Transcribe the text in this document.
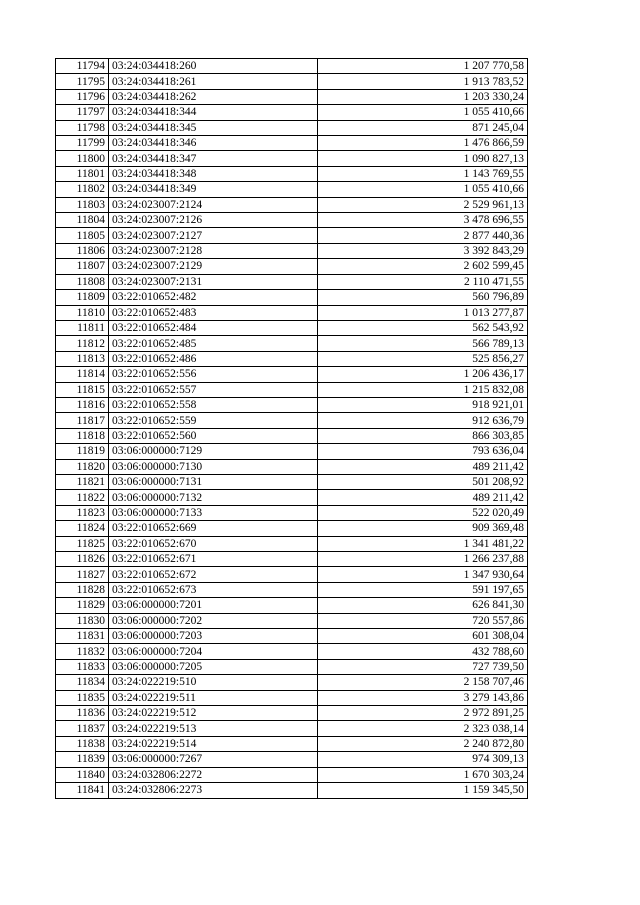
11794	03:24:034418:260	1 207 770,58
11795	03:24:034418:261	1 913 783,52
11796	03:24:034418:262	1 203 330,24
11797	03:24:034418:344	1 055 410,66
11798	03:24:034418:345	871 245,04
11799	03:24:034418:346	1 476 866,59
11800	03:24:034418:347	1 090 827,13
11801	03:24:034418:348	1 143 769,55
11802	03:24:034418:349	1 055 410,66
11803	03:24:023007:2124	2 529 961,13
11804	03:24:023007:2126	3 478 696,55
11805	03:24:023007:2127	2 877 440,36
11806	03:24:023007:2128	3 392 843,29
11807	03:24:023007:2129	2 602 599,45
11808	03:24:023007:2131	2 110 471,55
11809	03:22:010652:482	560 796,89
11810	03:22:010652:483	1 013 277,87
11811	03:22:010652:484	562 543,92
11812	03:22:010652:485	566 789,13
11813	03:22:010652:486	525 856,27
11814	03:22:010652:556	1 206 436,17
11815	03:22:010652:557	1 215 832,08
11816	03:22:010652:558	918 921,01
11817	03:22:010652:559	912 636,79
11818	03:22:010652:560	866 303,85
11819	03:06:000000:7129	793 636,04
11820	03:06:000000:7130	489 211,42
11821	03:06:000000:7131	501 208,92
11822	03:06:000000:7132	489 211,42
11823	03:06:000000:7133	522 020,49
11824	03:22:010652:669	909 369,48
11825	03:22:010652:670	1 341 481,22
11826	03:22:010652:671	1 266 237,88
11827	03:22:010652:672	1 347 930,64
11828	03:22:010652:673	591 197,65
11829	03:06:000000:7201	626 841,30
11830	03:06:000000:7202	720 557,86
11831	03:06:000000:7203	601 308,04
11832	03:06:000000:7204	432 788,60
11833	03:06:000000:7205	727 739,50
11834	03:24:022219:510	2 158 707,46
11835	03:24:022219:511	3 279 143,86
11836	03:24:022219:512	2 972 891,25
11837	03:24:022219:513	2 323 038,14
11838	03:24:022219:514	2 240 872,80
11839	03:06:000000:7267	974 309,13
11840	03:24:032806:2272	1 670 303,24
11841	03:24:032806:2273	1 159 345,50
